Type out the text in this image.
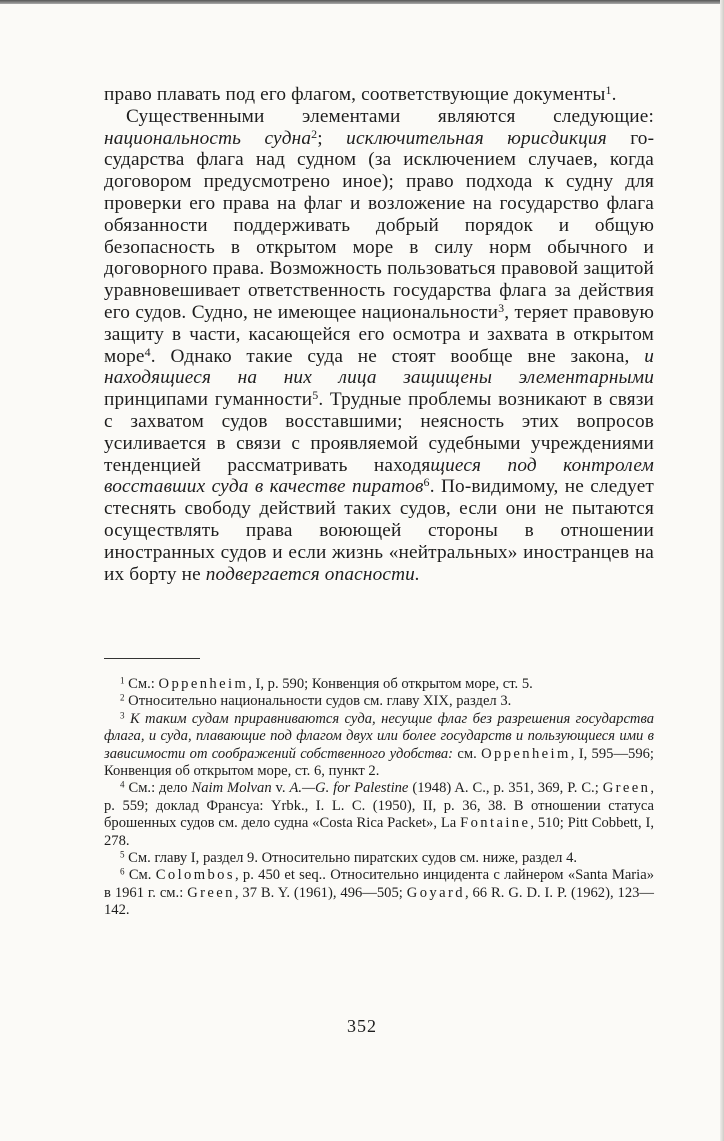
право плавать под его флагом, соответствующие документы$^1$.

Существенными элементами являются следующие: национальность судна$^2$; исключительная юрисдикция государства флага над судном (за исключением случаев, когда договором предусмотрено иное); право подхода к судну для проверки его права на флаг и возложение на государство флага обязанности поддерживать добрый порядок и общую безопасность в открытом море в силу норм обычного и договорного права. Возможность пользоваться правовой защитой уравновешивает ответственность государства флага за действия его судов. Судно, не имеющее национальности$^3$, теряет правовую защиту в части, касающейся его осмотра и захвата в открытом море$^4$. Однако такие суда не стоят вообще вне закона, и находящиеся на них лица защищены элементарными принципами гуманности$^5$. Трудные проблемы возникают в связи с захватом судов восставшими; неясность этих вопросов усиливается в связи с проявляемой судебными учреждениями тенденцией рассматривать находящиеся под контролем восставших суда в качестве пиратов$^6$. По-видимому, не следует стеснять свободу действий таких судов, если они не пытаются осуществлять права воюющей стороны в отношении иностранных судов и если жизнь «нейтральных» иностранцев на их борту не подвергается опасности.

$^1$ См.: Oppenheim, I, p. 590; Конвенция об открытом море, ст. 5.

$^2$ Относительно национальности судов см. главу XIX, раздел 3.

$^3$ К таким судам приравниваются суда, несущие флаг без разрешения государства флага, и суда, плавающие под флагом двух или более государств и пользующиеся ими в зависимости от соображений собственного удобства: см. Oppenheim, I, 595—596; Конвенция об открытом море, ст. 6, пункт 2.

$^4$ См.: дело Naim Molvan v. A.—G. for Palestine (1948) A. C., p. 351, 369, P. C.; Green, p. 559; доклад Франсуа: Yrbk., I. L. C. (1950), II, p. 36, 38. В отношении статуса брошенных судов см. дело судна «Costa Rica Packet», La Fontaine, 510; Pitt Cobbett, I, 278.

$^5$ См. главу I, раздел 9. Относительно пиратских судов см. ниже, раздел 4.

$^6$ См. Colombos, p. 450 et seq.. Относительно инцидента с лайнером «Santa Maria» в 1961 г. см.: Green, 37 B. Y. (1961), 496—505; Goyard, 66 R. G. D. I. P. (1962), 123—142.

352
